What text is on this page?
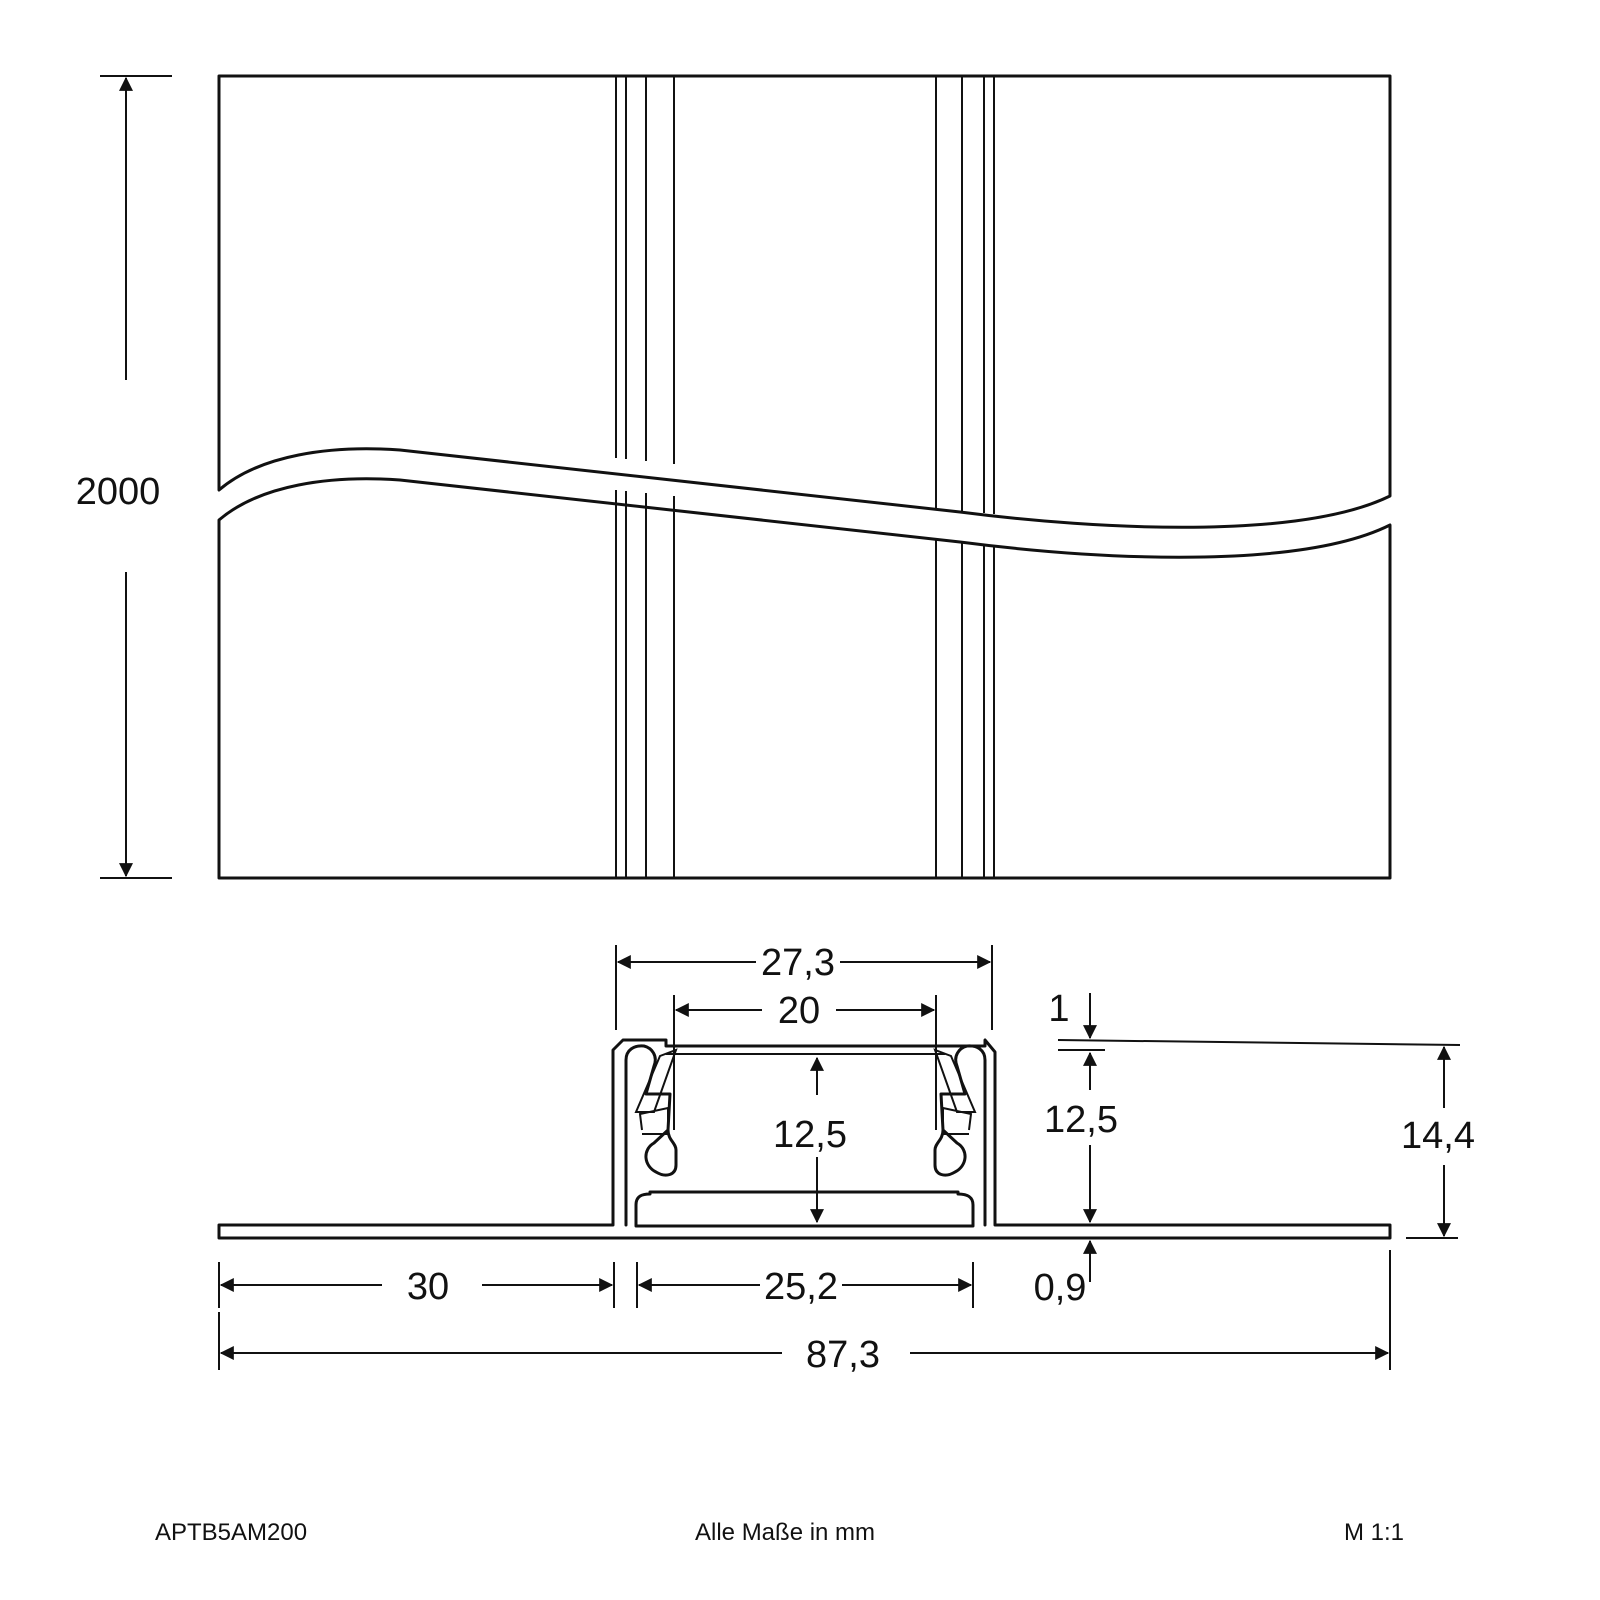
2000
27,3
20
12,5
1
12,5
0,9
14,4
30	25,2
87,3
APTB5AM200	Alle Maße in mm	M 1:1
